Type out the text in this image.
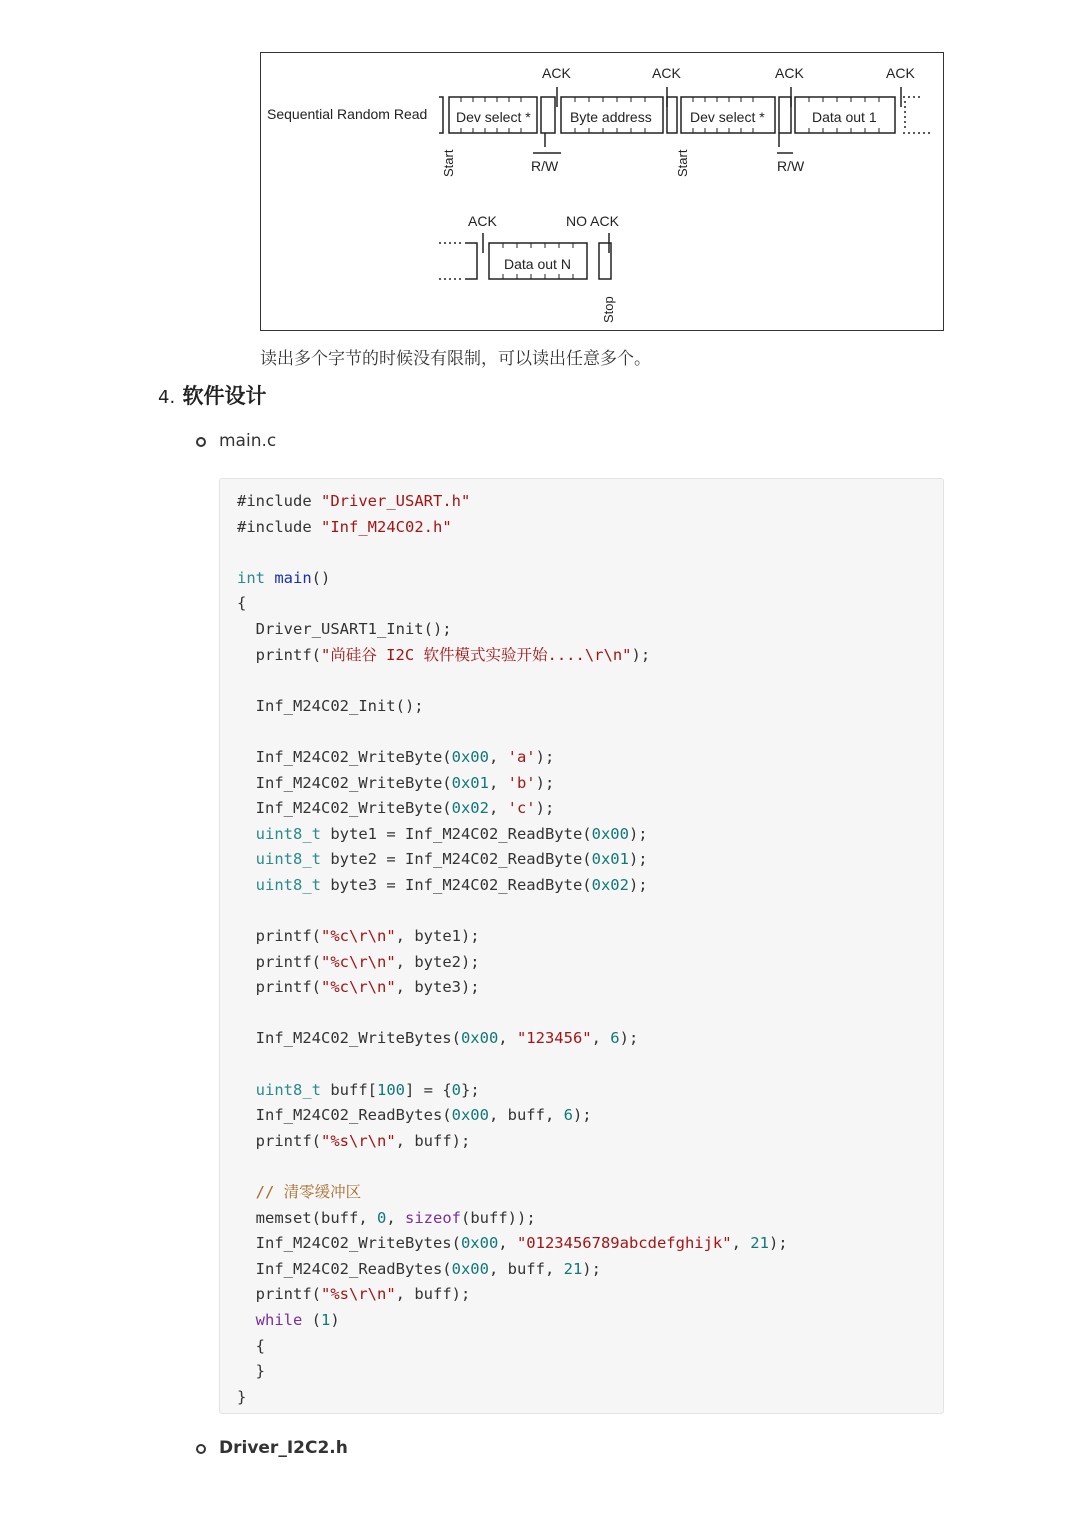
Sequential Random Read
ACK	ACK	ACK	ACK
Dev select *	Byte address	Dev select *	Data out 1
Start	R/W	Start	R/W
ACK	NO ACK
Data out N
Stop
读出多个字节的时候没有限制，可以读出任意多个。
4. 软件设计
main.c
#include "Driver_USART.h"
#include "Inf_M24C02.h"

int main()
{
Driver_USART1_Init();
printf("尚硅谷 I2C 软件模式实验开始....\r\n");

Inf_M24C02_Init();

Inf_M24C02_WriteByte(0x00, 'a');
Inf_M24C02_WriteByte(0x01, 'b');
Inf_M24C02_WriteByte(0x02, 'c');
uint8_t byte1 = Inf_M24C02_ReadByte(0x00);
uint8_t byte2 = Inf_M24C02_ReadByte(0x01);
uint8_t byte3 = Inf_M24C02_ReadByte(0x02);

printf("%c\r\n", byte1);
printf("%c\r\n", byte2);
printf("%c\r\n", byte3);

Inf_M24C02_WriteBytes(0x00, "123456", 6);

uint8_t buff[100] = {0};
Inf_M24C02_ReadBytes(0x00, buff, 6);
printf("%s\r\n", buff);

// 清零缓冲区
memset(buff, 0, sizeof(buff));
Inf_M24C02_WriteBytes(0x00, "0123456789abcdefghijk", 21);
Inf_M24C02_ReadBytes(0x00, buff, 21);
printf("%s\r\n", buff);
while (1)
{
}
}
Driver_I2C2.h
